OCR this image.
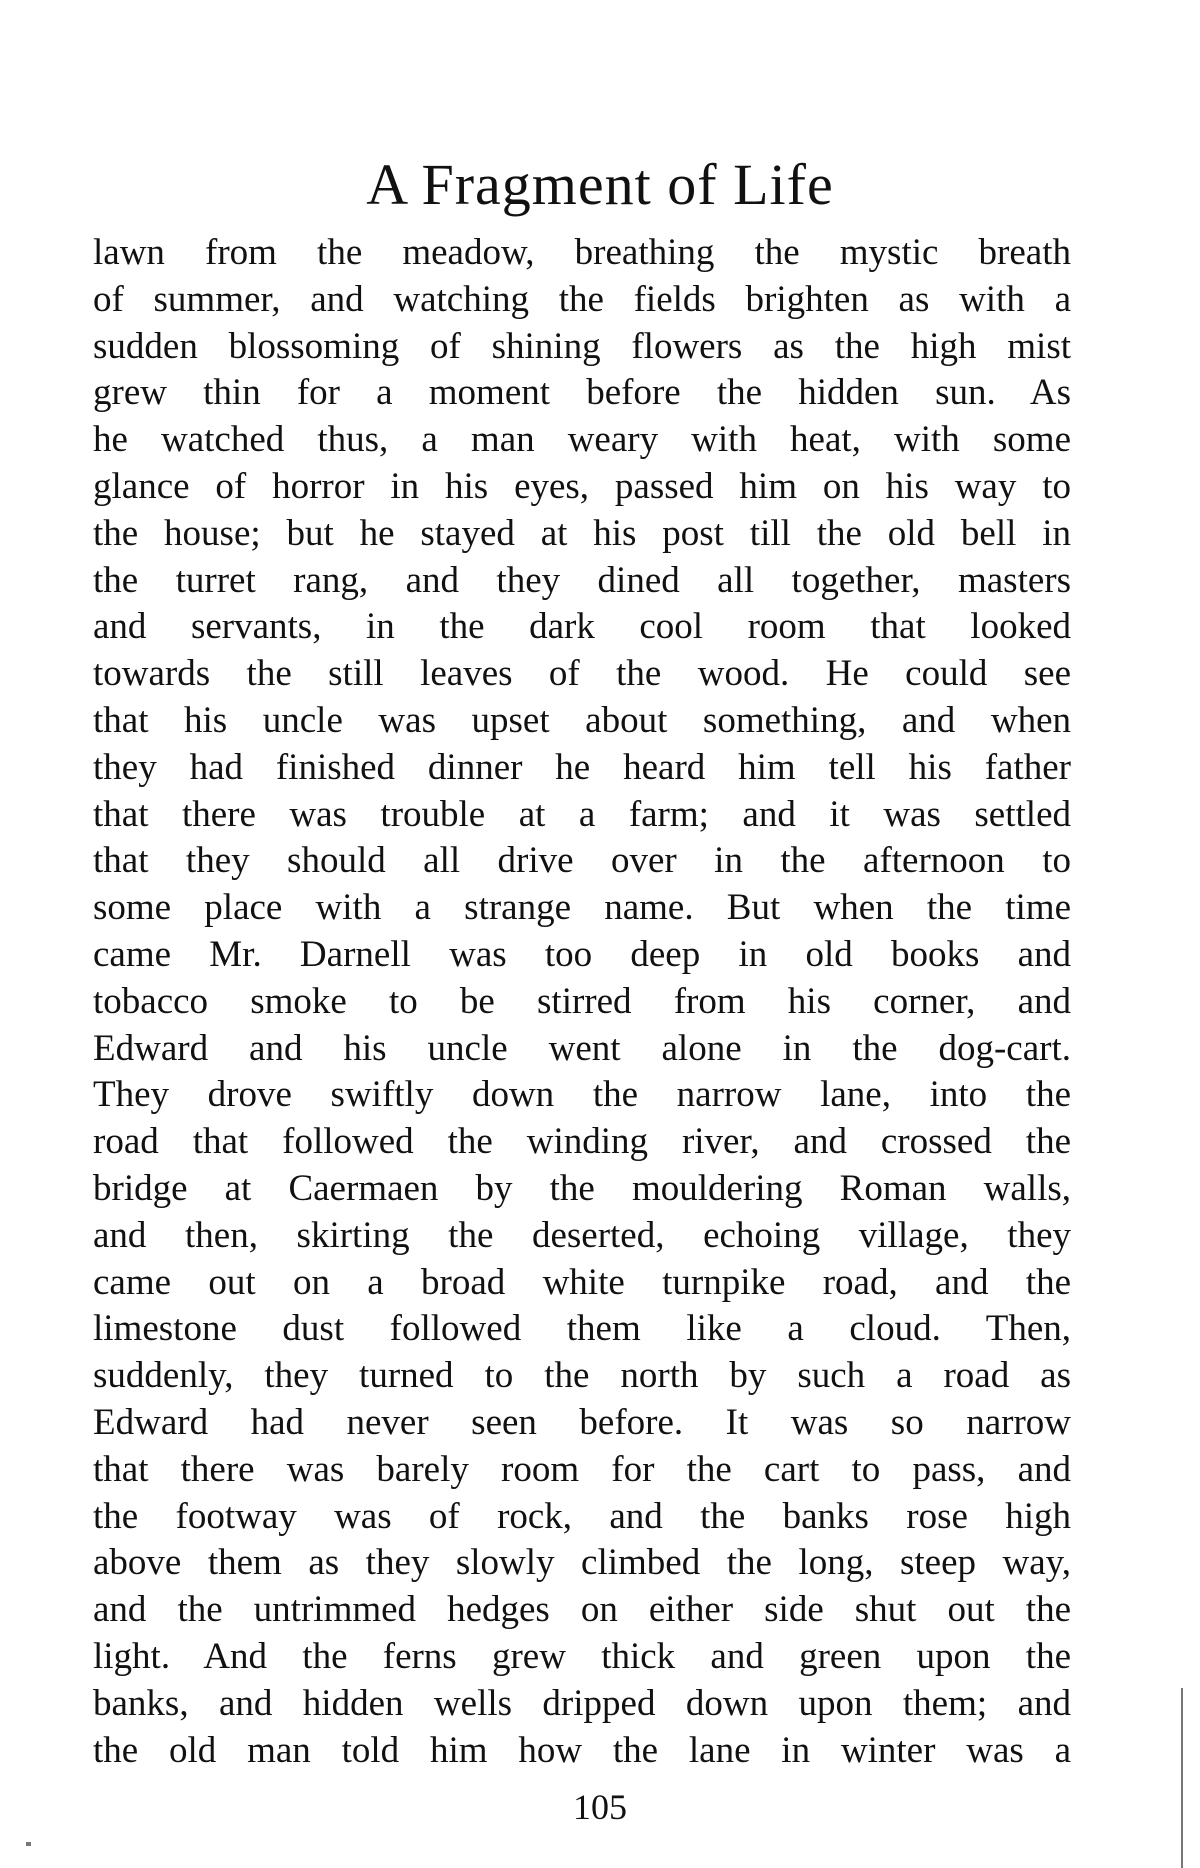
A Fragment of Life
lawn from the meadow, breathing the mystic breath
of summer, and watching the fields brighten as with a
sudden blossoming of shining flowers as the high mist
grew thin for a moment before the hidden sun. As
he watched thus, a man weary with heat, with some
glance of horror in his eyes, passed him on his way to
the house; but he stayed at his post till the old bell in
the turret rang, and they dined all together, masters
and servants, in the dark cool room that looked
towards the still leaves of the wood. He could see
that his uncle was upset about something, and when
they had finished dinner he heard him tell his father
that there was trouble at a farm; and it was settled
that they should all drive over in the afternoon to
some place with a strange name. But when the time
came Mr. Darnell was too deep in old books and
tobacco smoke to be stirred from his corner, and
Edward and his uncle went alone in the dog-cart.
They drove swiftly down the narrow lane, into the
road that followed the winding river, and crossed the
bridge at Caermaen by the mouldering Roman walls,
and then, skirting the deserted, echoing village, they
came out on a broad white turnpike road, and the
limestone dust followed them like a cloud. Then,
suddenly, they turned to the north by such a road as
Edward had never seen before. It was so narrow
that there was barely room for the cart to pass, and
the footway was of rock, and the banks rose high
above them as they slowly climbed the long, steep way,
and the untrimmed hedges on either side shut out the
light. And the ferns grew thick and green upon the
banks, and hidden wells dripped down upon them; and
the old man told him how the lane in winter was a
105
